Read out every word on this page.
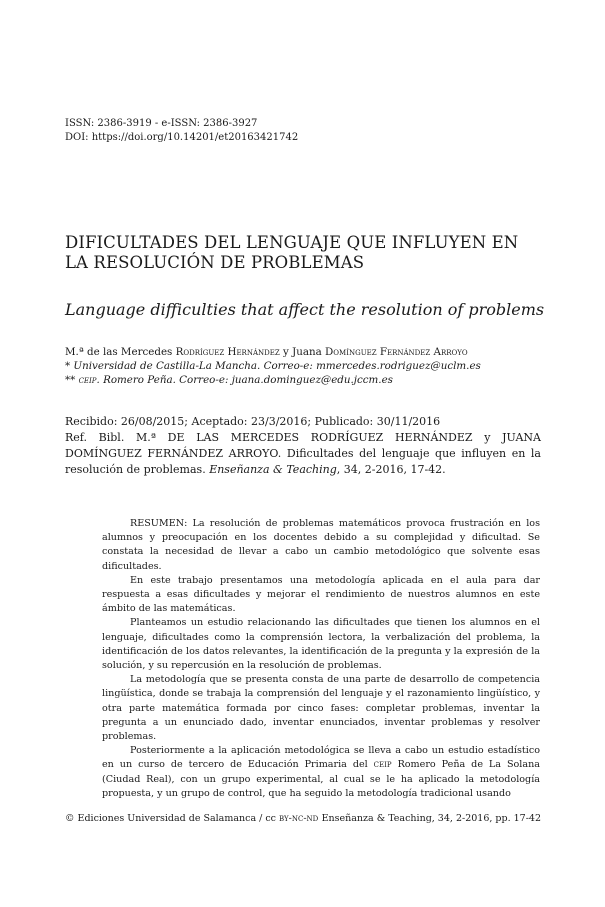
ISSN: 2386-3919 - e-ISSN: 2386-3927
DOI: https://doi.org/10.14201/et20163421742
DIFICULTADES DEL LENGUAJE QUE INFLUYEN EN LA RESOLUCIÓN DE PROBLEMAS
Language difficulties that affect the resolution of problems
M.ª de las Mercedes Rodríguez Hernández y Juana Domínguez Fernández Arroyo
* Universidad de Castilla-La Mancha. Correo-e: mmercedes.rodriguez@uclm.es
** ceip. Romero Peña. Correo-e: juana.dominguez@edu.jccm.es
Recibido: 26/08/2015; Aceptado: 23/3/2016; Publicado: 30/11/2016
Ref. Bibl. M.ª DE LAS MERCEDES RODRÍGUEZ HERNÁNDEZ y JUANA DOMÍNGUEZ FERNÁNDEZ ARROYO. Dificultades del lenguaje que influyen en la resolución de problemas. Enseñanza & Teaching, 34, 2-2016, 17-42.

RESUMEN: La resolución de problemas matemáticos provoca frustración en los alumnos y preocupación en los docentes debido a su complejidad y dificultad. Se constata la necesidad de llevar a cabo un cambio metodológico que solvente esas dificultades.

En este trabajo presentamos una metodología aplicada en el aula para dar respuesta a esas dificultades y mejorar el rendimiento de nuestros alumnos en este ámbito de las matemáticas.

Planteamos un estudio relacionando las dificultades que tienen los alumnos en el lenguaje, dificultades como la comprensión lectora, la verbalización del problema, la identificación de los datos relevantes, la identificación de la pregunta y la expresión de la solución, y su repercusión en la resolución de problemas.

La metodología que se presenta consta de una parte de desarrollo de competencia lingüística, donde se trabaja la comprensión del lenguaje y el razonamiento lingüístico, y otra parte matemática formada por cinco fases: completar problemas, inventar la pregunta a un enunciado dado, inventar enunciados, inventar problemas y resolver problemas.

Posteriormente a la aplicación metodológica se lleva a cabo un estudio estadístico en un curso de tercero de Educación Primaria del ceip Romero Peña de La Solana (Ciudad Real), con un grupo experimental, al cual se le ha aplicado la metodología propuesta, y un grupo de control, que ha seguido la metodología tradicional usando

© Ediciones Universidad de Salamanca / cc by-nc-nd Enseñanza & Teaching, 34, 2-2016, pp. 17-42
